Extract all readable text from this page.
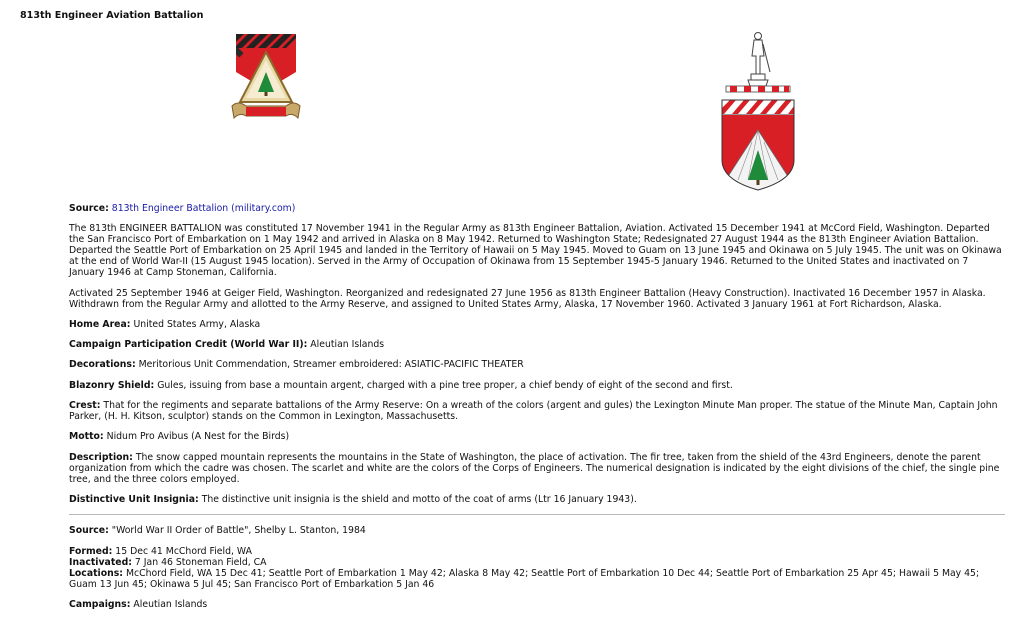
813th Engineer Aviation Battalion

Source: 813th Engineer Battalion (military.com)

The 813th ENGINEER BATTALION was constituted 17 November 1941 in the Regular Army as 813th Engineer Battalion, Aviation. Activated 15 December 1941 at McCord Field, Washington. Departed the San Francisco Port of Embarkation on 1 May 1942 and arrived in Alaska on 8 May 1942. Returned to Washington State; Redesignated 27 August 1944 as the 813th Engineer Aviation Battalion. Departed the Seattle Port of Embarkation on 25 April 1945 and landed in the Territory of Hawaii on 5 May 1945. Moved to Guam on 13 June 1945 and Okinawa on 5 July 1945. The unit was on Okinawa at the end of World War-II (15 August 1945 location). Served in the Army of Occupation of Okinawa from 15 September 1945-5 January 1946. Returned to the United States and inactivated on 7 January 1946 at Camp Stoneman, California.

Activated 25 September 1946 at Geiger Field, Washington. Reorganized and redesignated 27 June 1956 as 813th Engineer Battalion (Heavy Construction). Inactivated 16 December 1957 in Alaska. Withdrawn from the Regular Army and allotted to the Army Reserve, and assigned to United States Army, Alaska, 17 November 1960. Activated 3 January 1961 at Fort Richardson, Alaska.

Home Area: United States Army, Alaska

Campaign Participation Credit (World War II): Aleutian Islands

Decorations: Meritorious Unit Commendation, Streamer embroidered: ASIATIC-PACIFIC THEATER

Blazonry Shield: Gules, issuing from base a mountain argent, charged with a pine tree proper, a chief bendy of eight of the second and first.

Crest: That for the regiments and separate battalions of the Army Reserve: On a wreath of the colors (argent and gules) the Lexington Minute Man proper. The statue of the Minute Man, Captain John Parker, (H. H. Kitson, sculptor) stands on the Common in Lexington, Massachusetts.

Motto: Nidum Pro Avibus (A Nest for the Birds)

Description: The snow capped mountain represents the mountains in the State of Washington, the place of activation. The fir tree, taken from the shield of the 43rd Engineers, denote the parent organization from which the cadre was chosen. The scarlet and white are the colors of the Corps of Engineers. The numerical designation is indicated by the eight divisions of the chief, the single pine tree, and the three colors employed.

Distinctive Unit Insignia: The distinctive unit insignia is the shield and motto of the coat of arms (Ltr 16 January 1943).

Source: "World War II Order of Battle", Shelby L. Stanton, 1984

Formed: 15 Dec 41 McChord Field, WA

Inactivated: 7 Jan 46 Stoneman Field, CA

Locations: McChord Field, WA 15 Dec 41; Seattle Port of Embarkation 1 May 42; Alaska 8 May 42; Seattle Port of Embarkation 10 Dec 44; Seattle Port of Embarkation 25 Apr 45; Hawaii 5 May 45; Guam 13 Jun 45; Okinawa 5 Jul 45; San Francisco Port of Embarkation 5 Jan 46

Campaigns: Aleutian Islands
